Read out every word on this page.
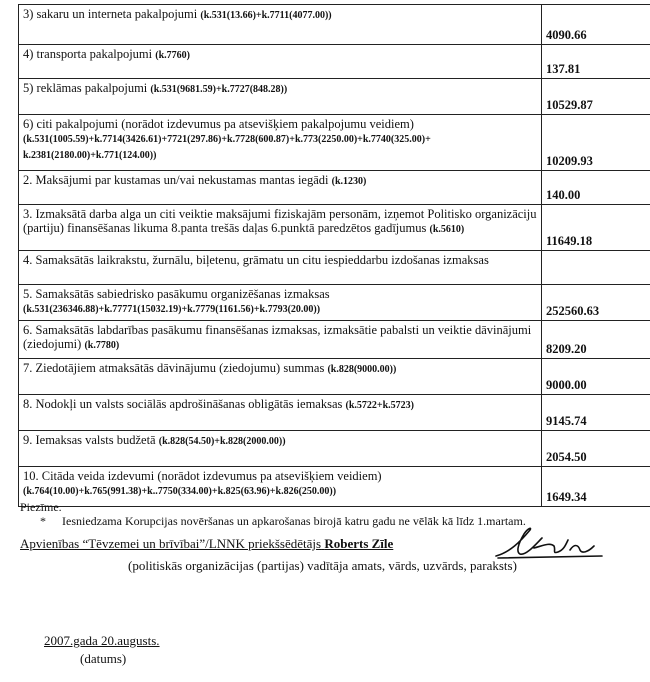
3) sakaru un interneta pakalpojumi (k.531(13.66)+k.7711(4077.00))	4090.66
4) transporta pakalpojumi (k.7760)	137.81
5) reklāmas pakalpojumi (k.531(9681.59)+k.7727(848.28))	10529.87
6) citi pakalpojumi (norādot izdevumus pa atsevišķiem pakalpojumu veidiem) (k.531(1005.59)+k.7714(3426.61)+7721(297.86)+k.7728(600.87)+k.773(2250.00)+k.7740(325.00)+ k.2381(2180.00)+k.771(124.00))	10209.93
2. Maksājumi par kustamas un/vai nekustamas mantas iegādi (k.1230)	140.00
3. Izmaksātā darba alga un citi veiktie maksājumi fiziskajām personām, izņemot Politisko organizāciju (partiju) finansēšanas likuma 8.panta trešās daļas 6.punktā paredzētos gadījumus (k.5610)	11649.18
4. Samaksātās laikrakstu, žurnālu, biļetenu, grāmatu un citu iespieddarbu izdošanas izmaksas	
5. Samaksātās sabiedrisko pasākumu organizēšanas izmaksas (k.531(236346.88)+k.77771(15032.19)+k.7779(1161.56)+k.7793(20.00))	252560.63
6. Samaksātās labdarības pasākumu finansēšanas izmaksas, izmaksātie pabalsti un veiktie dāvinājumi (ziedojumi) (k.7780)	8209.20
7. Ziedotājiem atmaksātās dāvinājumu (ziedojumu) summas (k.828(9000.00))	9000.00
8. Nodokļi un valsts sociālās apdrošināšanas obligātās iemaksas (k.5722+k.5723)	9145.74
9. Iemaksas valsts budžetā (k.828(54.50)+k.828(2000.00))	2054.50
10. Citāda veida izdevumi (norādot izdevumus pa atsevišķiem veidiem) (k.764(10.00)+k.765(991.38)+k..7750(334.00)+k.825(63.96)+k.826(250.00))	1649.34
Piezīme.
* Iesniedzama Korupcijas novēršanas un apkarošanas birojā katru gadu ne vēlāk kā līdz 1.martam.
Apvienības “Tēvzemei un brīvībai”/LNNK priekšsēdētājs Roberts Zīle
(politiskās organizācijas (partijas) vadītāja amats, vārds, uzvārds, paraksts)
2007.gada 20.augusts.
(datums)
